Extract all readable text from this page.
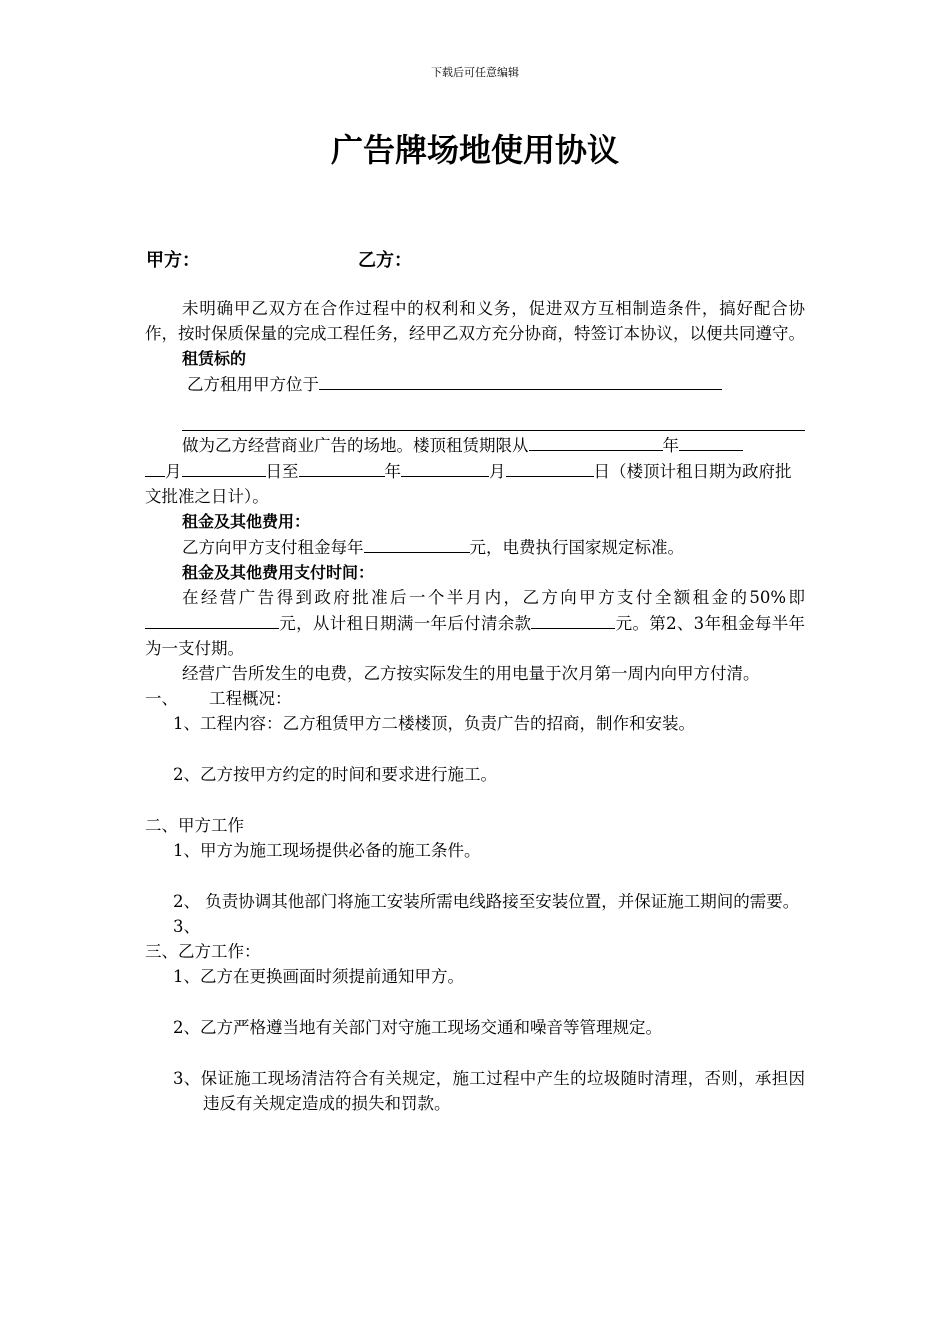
下载后可任意编辑
广告牌场地使用协议
甲方：	乙方：

未明确甲乙双方在合作过程中的权利和义务，促进双方互相制造条件，搞好配合协作，按时保质保量的完成工程任务，经甲乙双方充分协商，特签订本协议，以便共同遵守。

租赁标的

乙方租用甲方位于

做为乙方经营商业广告的场地。楼顶租赁期限从	年
月	日至	年	月	日（楼顶计租日期为政府批文批准之日计）。

租金及其他费用：

乙方向甲方支付租金每年	元，电费执行国家规定标准。

租金及其他费用支付时间：

在经营广告得到政府批准后一个半月内，乙方向甲方支付全额租金的50%即元，从计租日期满一年后付清余款	元。第2、3年租金每半年为一支付期。

经营广告所发生的电费，乙方按实际发生的用电量于次月第一周内向甲方付清。

一、 工程概况：

1、工程内容：乙方租赁甲方二楼楼顶，负责广告的招商，制作和安装。

2、乙方按甲方约定的时间和要求进行施工。

二、甲方工作

1、甲方为施工现场提供必备的施工条件。

2、 负责协调其他部门将施工安装所需电线路接至安装位置，并保证施工期间的需要。

3、

三、乙方工作：

1、乙方在更换画面时须提前通知甲方。

2、乙方严格遵当地有关部门对守施工现场交通和噪音等管理规定。

3、保证施工现场清洁符合有关规定，施工过程中产生的垃圾随时清理，否则，承担因违反有关规定造成的损失和罚款。
